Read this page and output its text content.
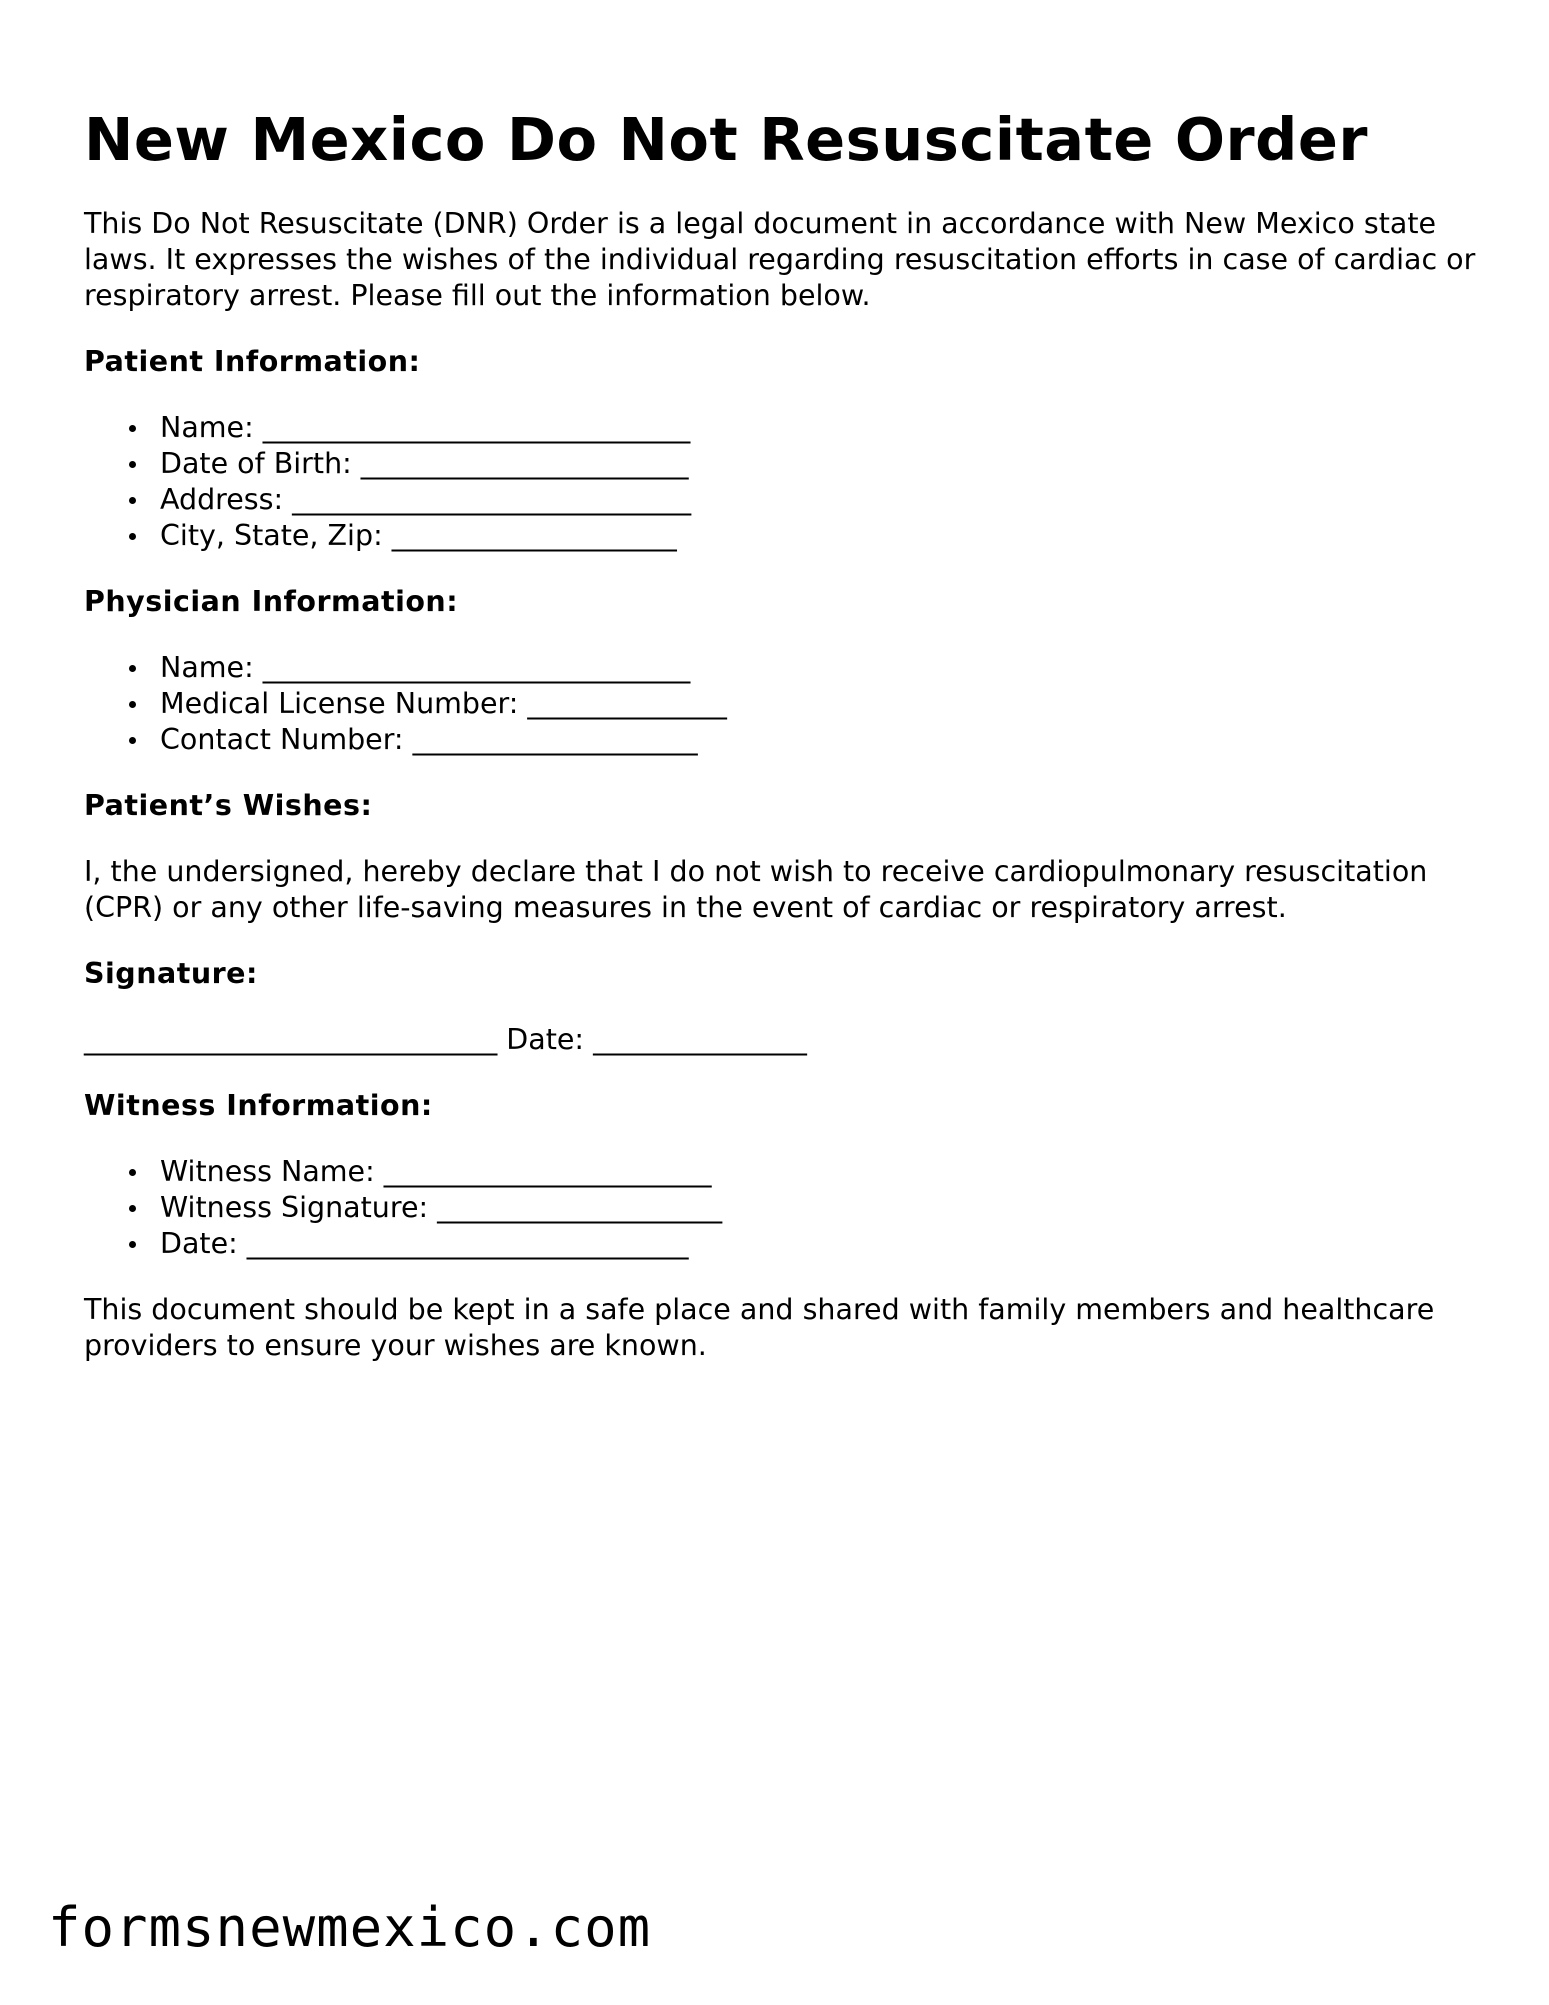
New Mexico Do Not Resuscitate Order

This Do Not Resuscitate (DNR) Order is a legal document in accordance with New Mexico state laws. It expresses the wishes of the individual regarding resuscitation efforts in case of cardiac or respiratory arrest. Please fill out the information below.

Patient Information:
Name: ______________________________
Date of Birth: _______________________
Address: ____________________________
City, State, Zip: ____________________
Physician Information:
Name: ______________________________
Medical License Number: ______________
Contact Number: ____________________
Patient’s Wishes:

I, the undersigned, hereby declare that I do not wish to receive cardiopulmonary resuscitation (CPR) or any other life-saving measures in the event of cardiac or respiratory arrest.

Signature:
_____________________________ Date: _______________
Witness Information:
Witness Name: _______________________
Witness Signature: ____________________
Date: _______________________________

This document should be kept in a safe place and shared with family members and healthcare providers to ensure your wishes are known.

formsnewmexico.com
